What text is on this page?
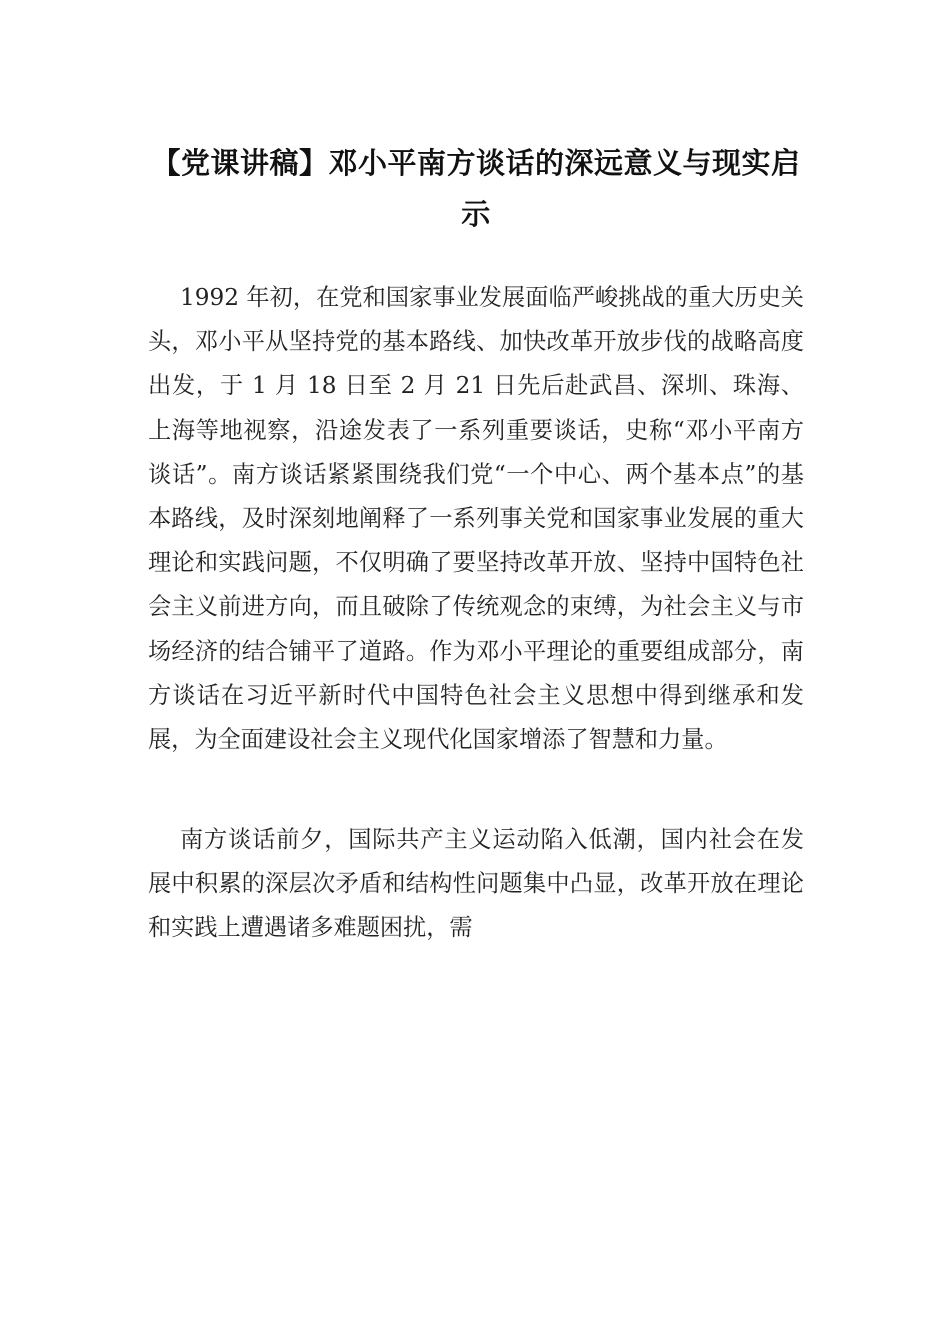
【党课讲稿】邓小平南方谈话的深远意义与现实启示

1992 年初，在党和国家事业发展面临严峻挑战的重大历史关头，邓小平从坚持党的基本路线、加快改革开放步伐的战略高度出发，于 1 月 18 日至 2 月 21 日先后赴武昌、深圳、珠海、上海等地视察，沿途发表了一系列重要谈话，史称“邓小平南方谈话”。南方谈话紧紧围绕我们党“一个中心、两个基本点”的基本路线，及时深刻地阐释了一系列事关党和国家事业发展的重大理论和实践问题，不仅明确了要坚持改革开放、坚持中国特色社会主义前进方向，而且破除了传统观念的束缚，为社会主义与市场经济的结合铺平了道路。作为邓小平理论的重要组成部分，南方谈话在习近平新时代中国特色社会主义思想中得到继承和发展，为全面建设社会主义现代化国家增添了智慧和力量。

南方谈话前夕，国际共产主义运动陷入低潮，国内社会在发展中积累的深层次矛盾和结构性问题集中凸显，改革开放在理论和实践上遭遇诸多难题困扰，需
